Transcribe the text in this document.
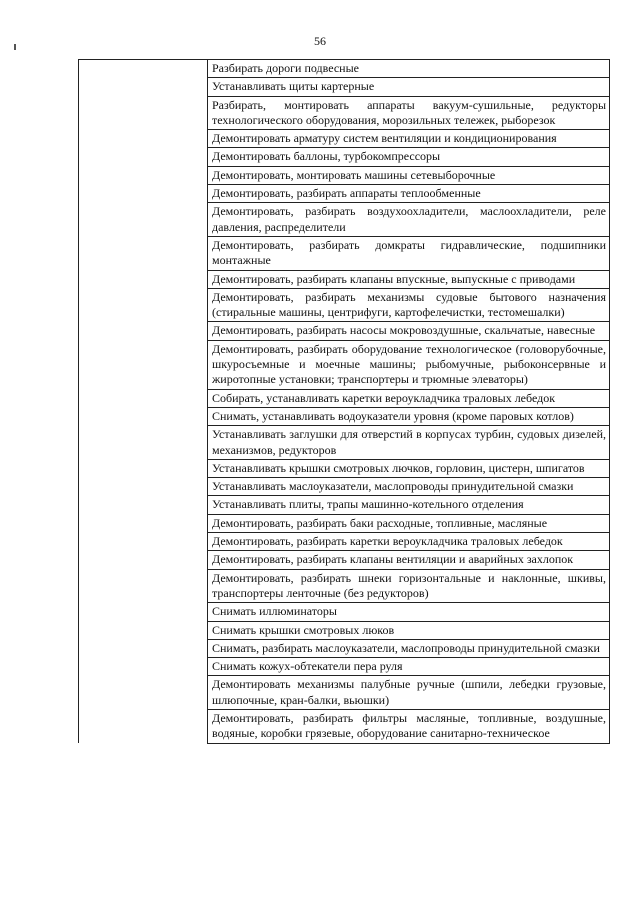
56
	Разбирать дороги подвесные
Устанавливать щиты картерные
Разбирать, монтировать аппараты вакуум-сушильные, редукторы технологического оборудования, морозильных тележек, рыборезок
Демонтировать арматуру систем вентиляции и кондиционирования
Демонтировать баллоны, турбокомпрессоры
Демонтировать, монтировать машины сетевыборочные
Демонтировать, разбирать аппараты теплообменные
Демонтировать, разбирать воздухоохладители, маслоохладители, реле давления, распределители
Демонтировать, разбирать домкраты гидравлические, подшипники монтажные
Демонтировать, разбирать клапаны впускные, выпускные с приводами
Демонтировать, разбирать механизмы судовые бытового назначения (стиральные машины, центрифуги, картофелечистки, тестомешалки)
Демонтировать, разбирать насосы мокровоздушные, скальчатые, навесные
Демонтировать, разбирать оборудование технологическое (головорубочные, шкуросъемные и моечные машины; рыбомучные, рыбоконсервные и жиротопные установки; транспортеры и трюмные элеваторы)
Собирать, устанавливать каретки вероукладчика траловых лебедок
Снимать, устанавливать водоуказатели уровня (кроме паровых котлов)
Устанавливать заглушки для отверстий в корпусах турбин, судовых дизелей, механизмов, редукторов
Устанавливать крышки смотровых лючков, горловин, цистерн, шпигатов
Устанавливать маслоуказатели, маслопроводы принудительной смазки
Устанавливать плиты, трапы машинно-котельного отделения
Демонтировать, разбирать баки расходные, топливные, масляные
Демонтировать, разбирать каретки вероукладчика траловых лебедок
Демонтировать, разбирать клапаны вентиляции и аварийных захлопок
Демонтировать, разбирать шнеки горизонтальные и наклонные, шкивы, транспортеры ленточные (без редукторов)
Снимать иллюминаторы
Снимать крышки смотровых люков
Снимать, разбирать маслоуказатели, маслопроводы принудительной смазки
Снимать кожух-обтекатели пера руля
Демонтировать механизмы палубные ручные (шпили, лебедки грузовые, шлюпочные, кран-балки, вьюшки)
Демонтировать, разбирать фильтры масляные, топливные, воздушные, водяные, коробки грязевые, оборудование санитарно-техническое
